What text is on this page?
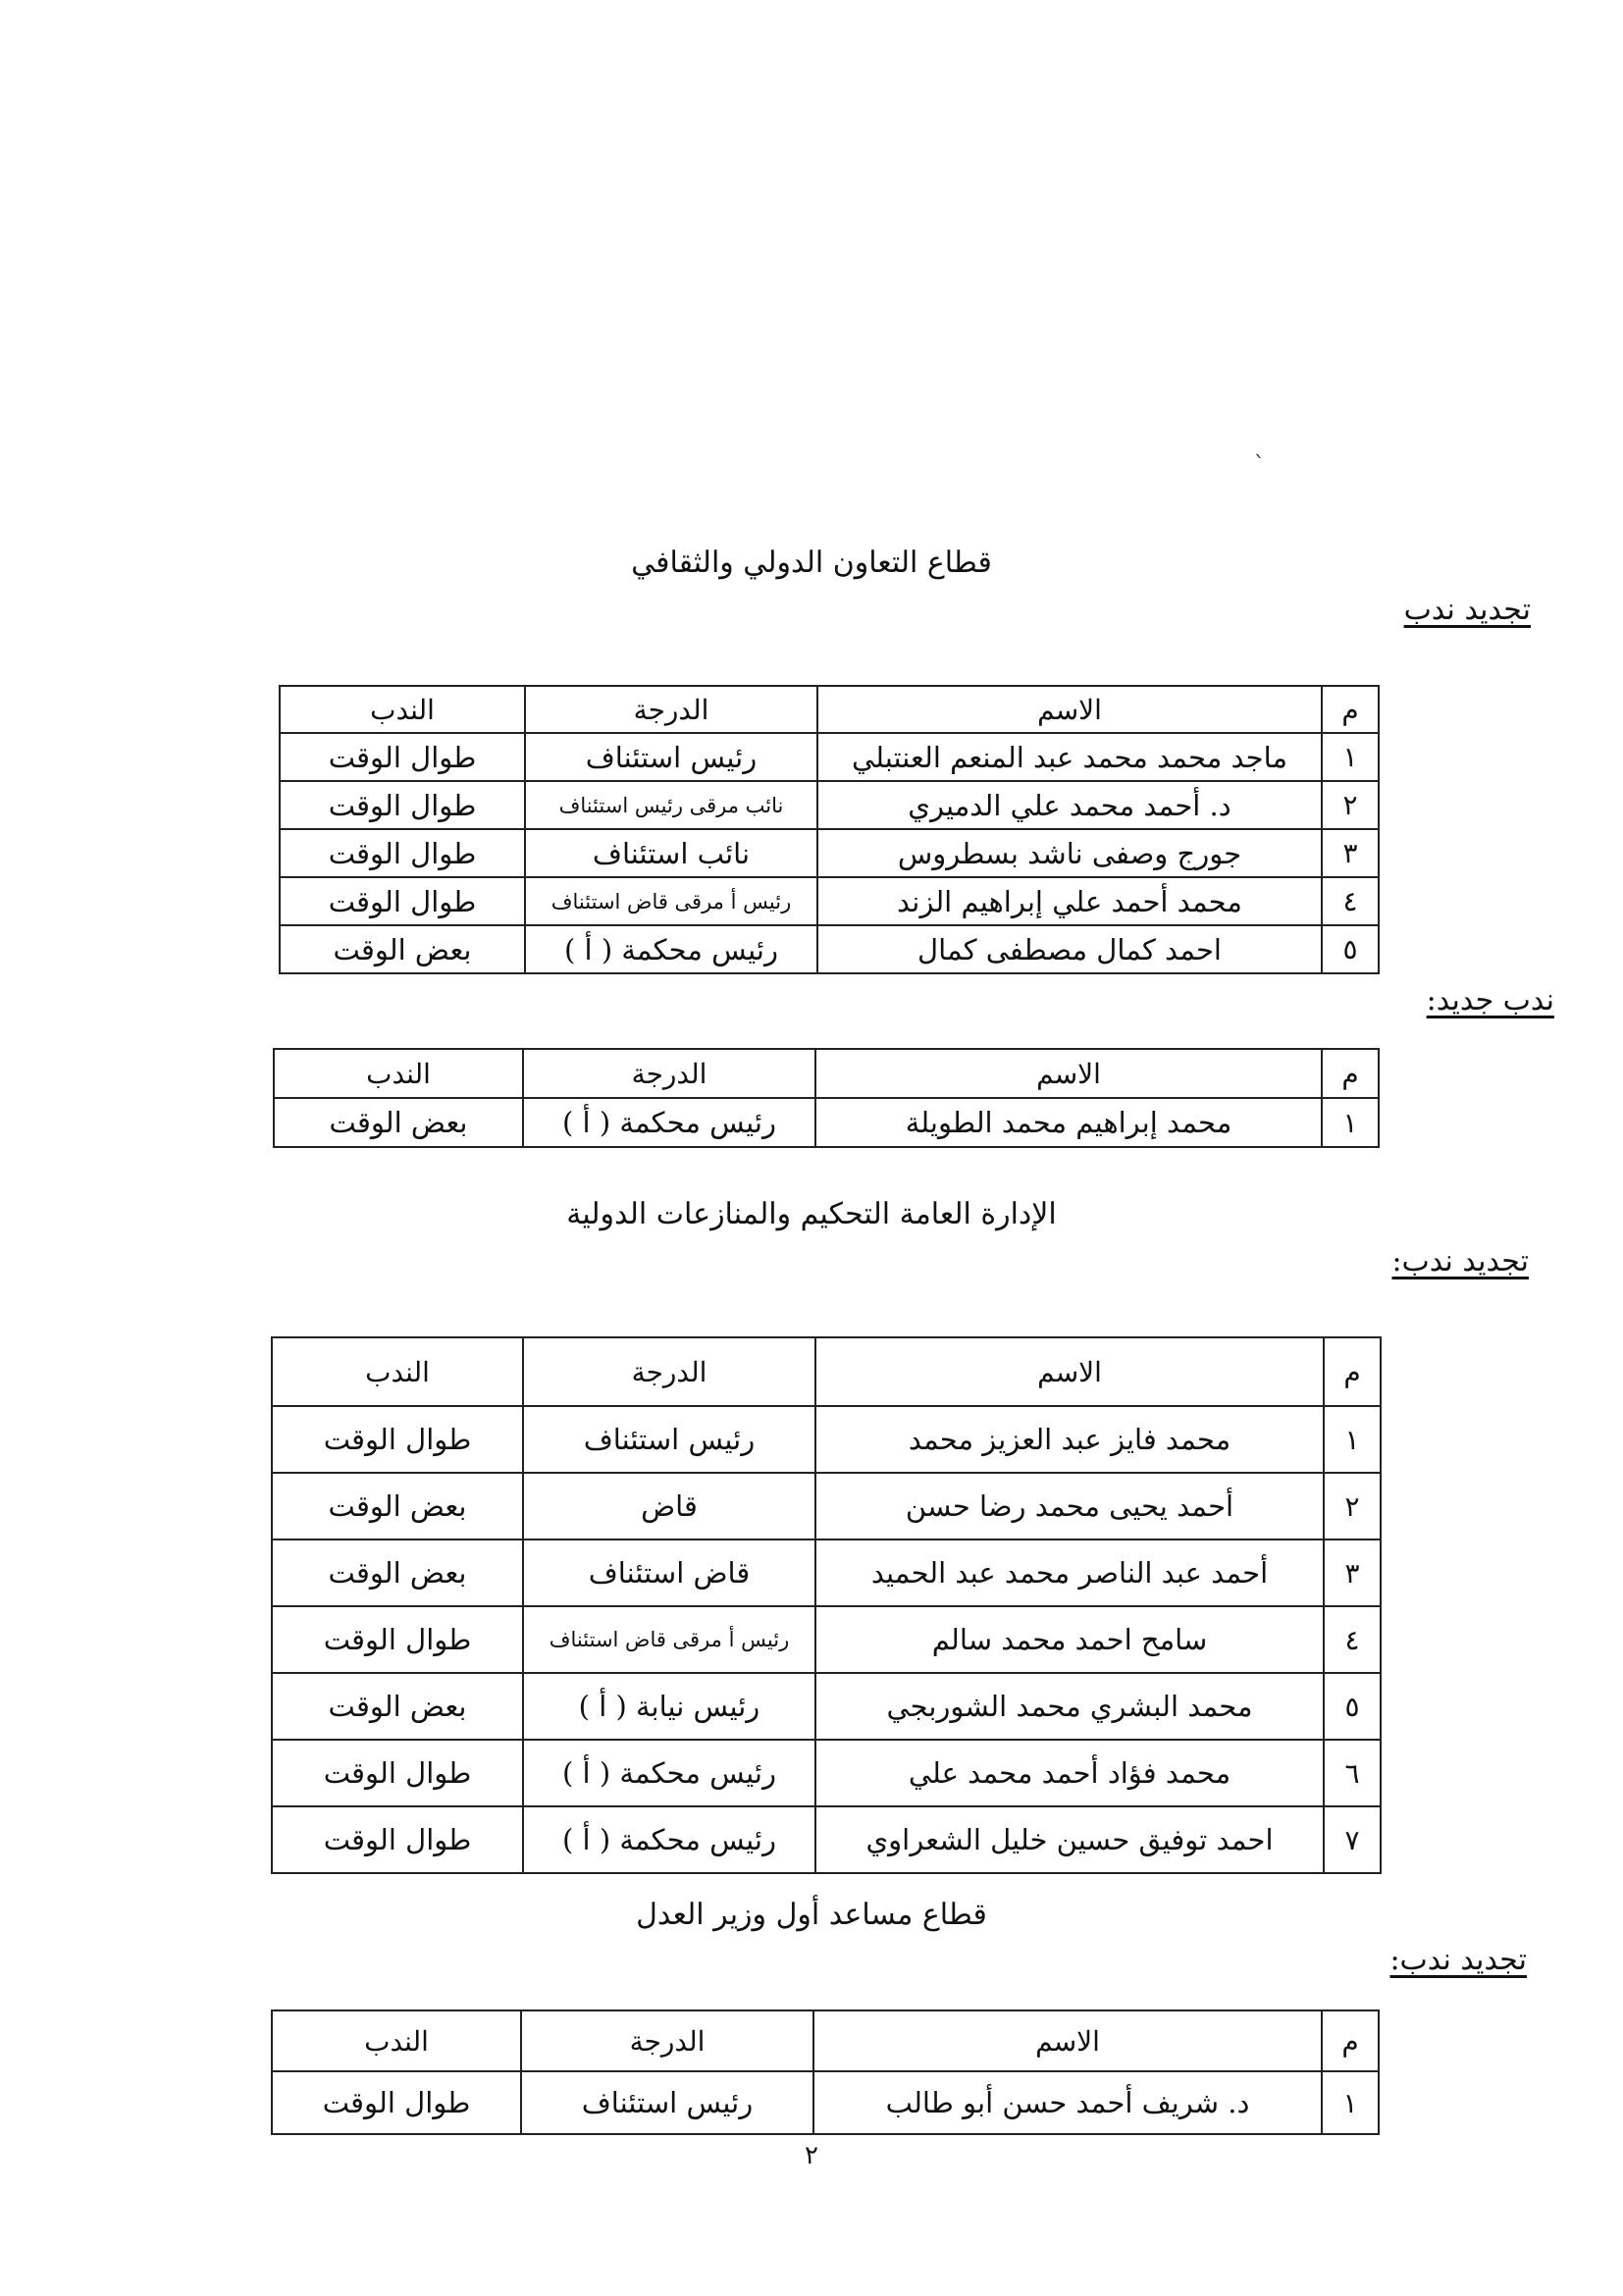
`
قطاع التعاون الدولي والثقافي
تجديد ندب
م	الاسم	الدرجة	الندب
١	ماجد محمد محمد عبد المنعم العنتبلي	رئيس استئناف	طوال الوقت
٢	د. أحمد محمد علي الدميري	نائب مرقى رئيس استئناف	طوال الوقت
٣	جورج وصفى ناشد بسطروس	نائب استئناف	طوال الوقت
٤	محمد أحمد علي إبراهيم الزند	رئيس أ مرقى قاض استئناف	طوال الوقت
٥	احمد كمال مصطفى كمال	رئيس محكمة ( أ )	بعض الوقت
ندب جديد:
م	الاسم	الدرجة	الندب
١	محمد إبراهيم محمد الطويلة	رئيس محكمة ( أ )	بعض الوقت
الإدارة العامة التحكيم والمنازعات الدولية
تجديد ندب:
م	الاسم	الدرجة	الندب
١	محمد فايز عبد العزيز محمد	رئيس استئناف	طوال الوقت
٢	أحمد يحيى محمد رضا حسن	قاض	بعض الوقت
٣	أحمد عبد الناصر محمد عبد الحميد	قاض استئناف	بعض الوقت
٤	سامح احمد محمد سالم	رئيس أ مرقى قاض استئناف	طوال الوقت
٥	محمد البشري محمد الشوربجي	رئيس نيابة ( أ )	بعض الوقت
٦	محمد فؤاد أحمد محمد علي	رئيس محكمة ( أ )	طوال الوقت
٧	احمد توفيق حسين خليل الشعراوي	رئيس محكمة ( أ )	طوال الوقت
قطاع مساعد أول وزير العدل
تجديد ندب:
م	الاسم	الدرجة	الندب
١	د. شريف أحمد حسن أبو طالب	رئيس استئناف	طوال الوقت
٢
